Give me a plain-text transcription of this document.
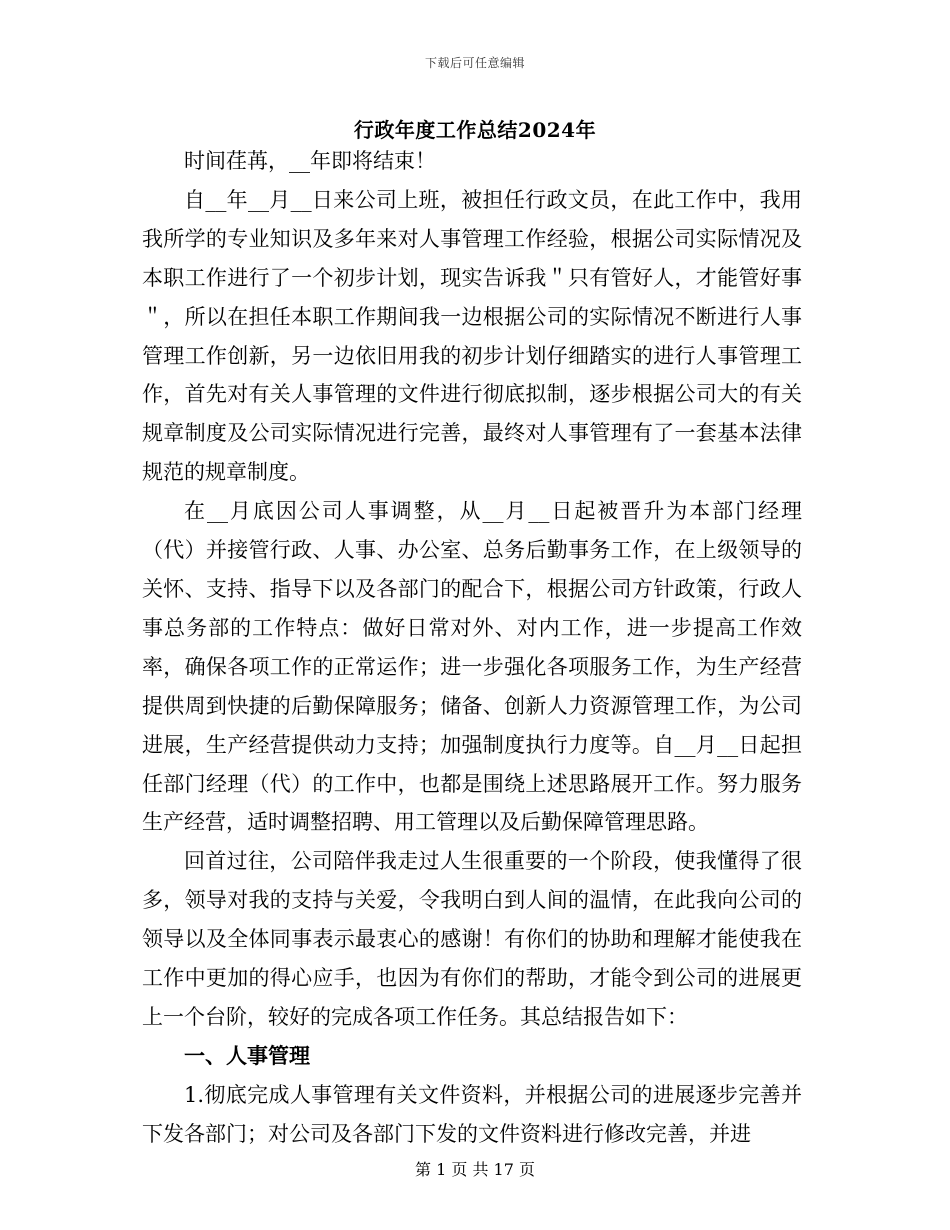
下载后可任意编辑
行政年度工作总结2024年

时间荏苒，__年即将结束！

自__年__月__日来公司上班，被担任行政文员，在此工作中，我用我所学的专业知识及多年来对人事管理工作经验，根据公司实际情况及本职工作进行了一个初步计划，现实告诉我＂只有管好人，才能管好事＂，所以在担任本职工作期间我一边根据公司的实际情况不断进行人事管理工作创新，另一边依旧用我的初步计划仔细踏实的进行人事管理工作，首先对有关人事管理的文件进行彻底拟制，逐步根据公司大的有关规章制度及公司实际情况进行完善，最终对人事管理有了一套基本法律规范的规章制度。

在__月底因公司人事调整，从__月__日起被晋升为本部门经理（代）并接管行政、人事、办公室、总务后勤事务工作，在上级领导的关怀、支持、指导下以及各部门的配合下，根据公司方针政策，行政人事总务部的工作特点：做好日常对外、对内工作，进一步提高工作效率，确保各项工作的正常运作；进一步强化各项服务工作，为生产经营提供周到快捷的后勤保障服务；储备、创新人力资源管理工作，为公司进展，生产经营提供动力支持；加强制度执行力度等。自__月__日起担任部门经理（代）的工作中，也都是围绕上述思路展开工作。努力服务生产经营，适时调整招聘、用工管理以及后勤保障管理思路。

回首过往，公司陪伴我走过人生很重要的一个阶段，使我懂得了很多，领导对我的支持与关爱，令我明白到人间的温情，在此我向公司的领导以及全体同事表示最衷心的感谢！有你们的协助和理解才能使我在工作中更加的得心应手，也因为有你们的帮助，才能令到公司的进展更上一个台阶，较好的完成各项工作任务。其总结报告如下：

一、人事管理

1.彻底完成人事管理有关文件资料，并根据公司的进展逐步完善并下发各部门；对公司及各部门下发的文件资料进行修改完善，并进

第 1 页 共 17 页
